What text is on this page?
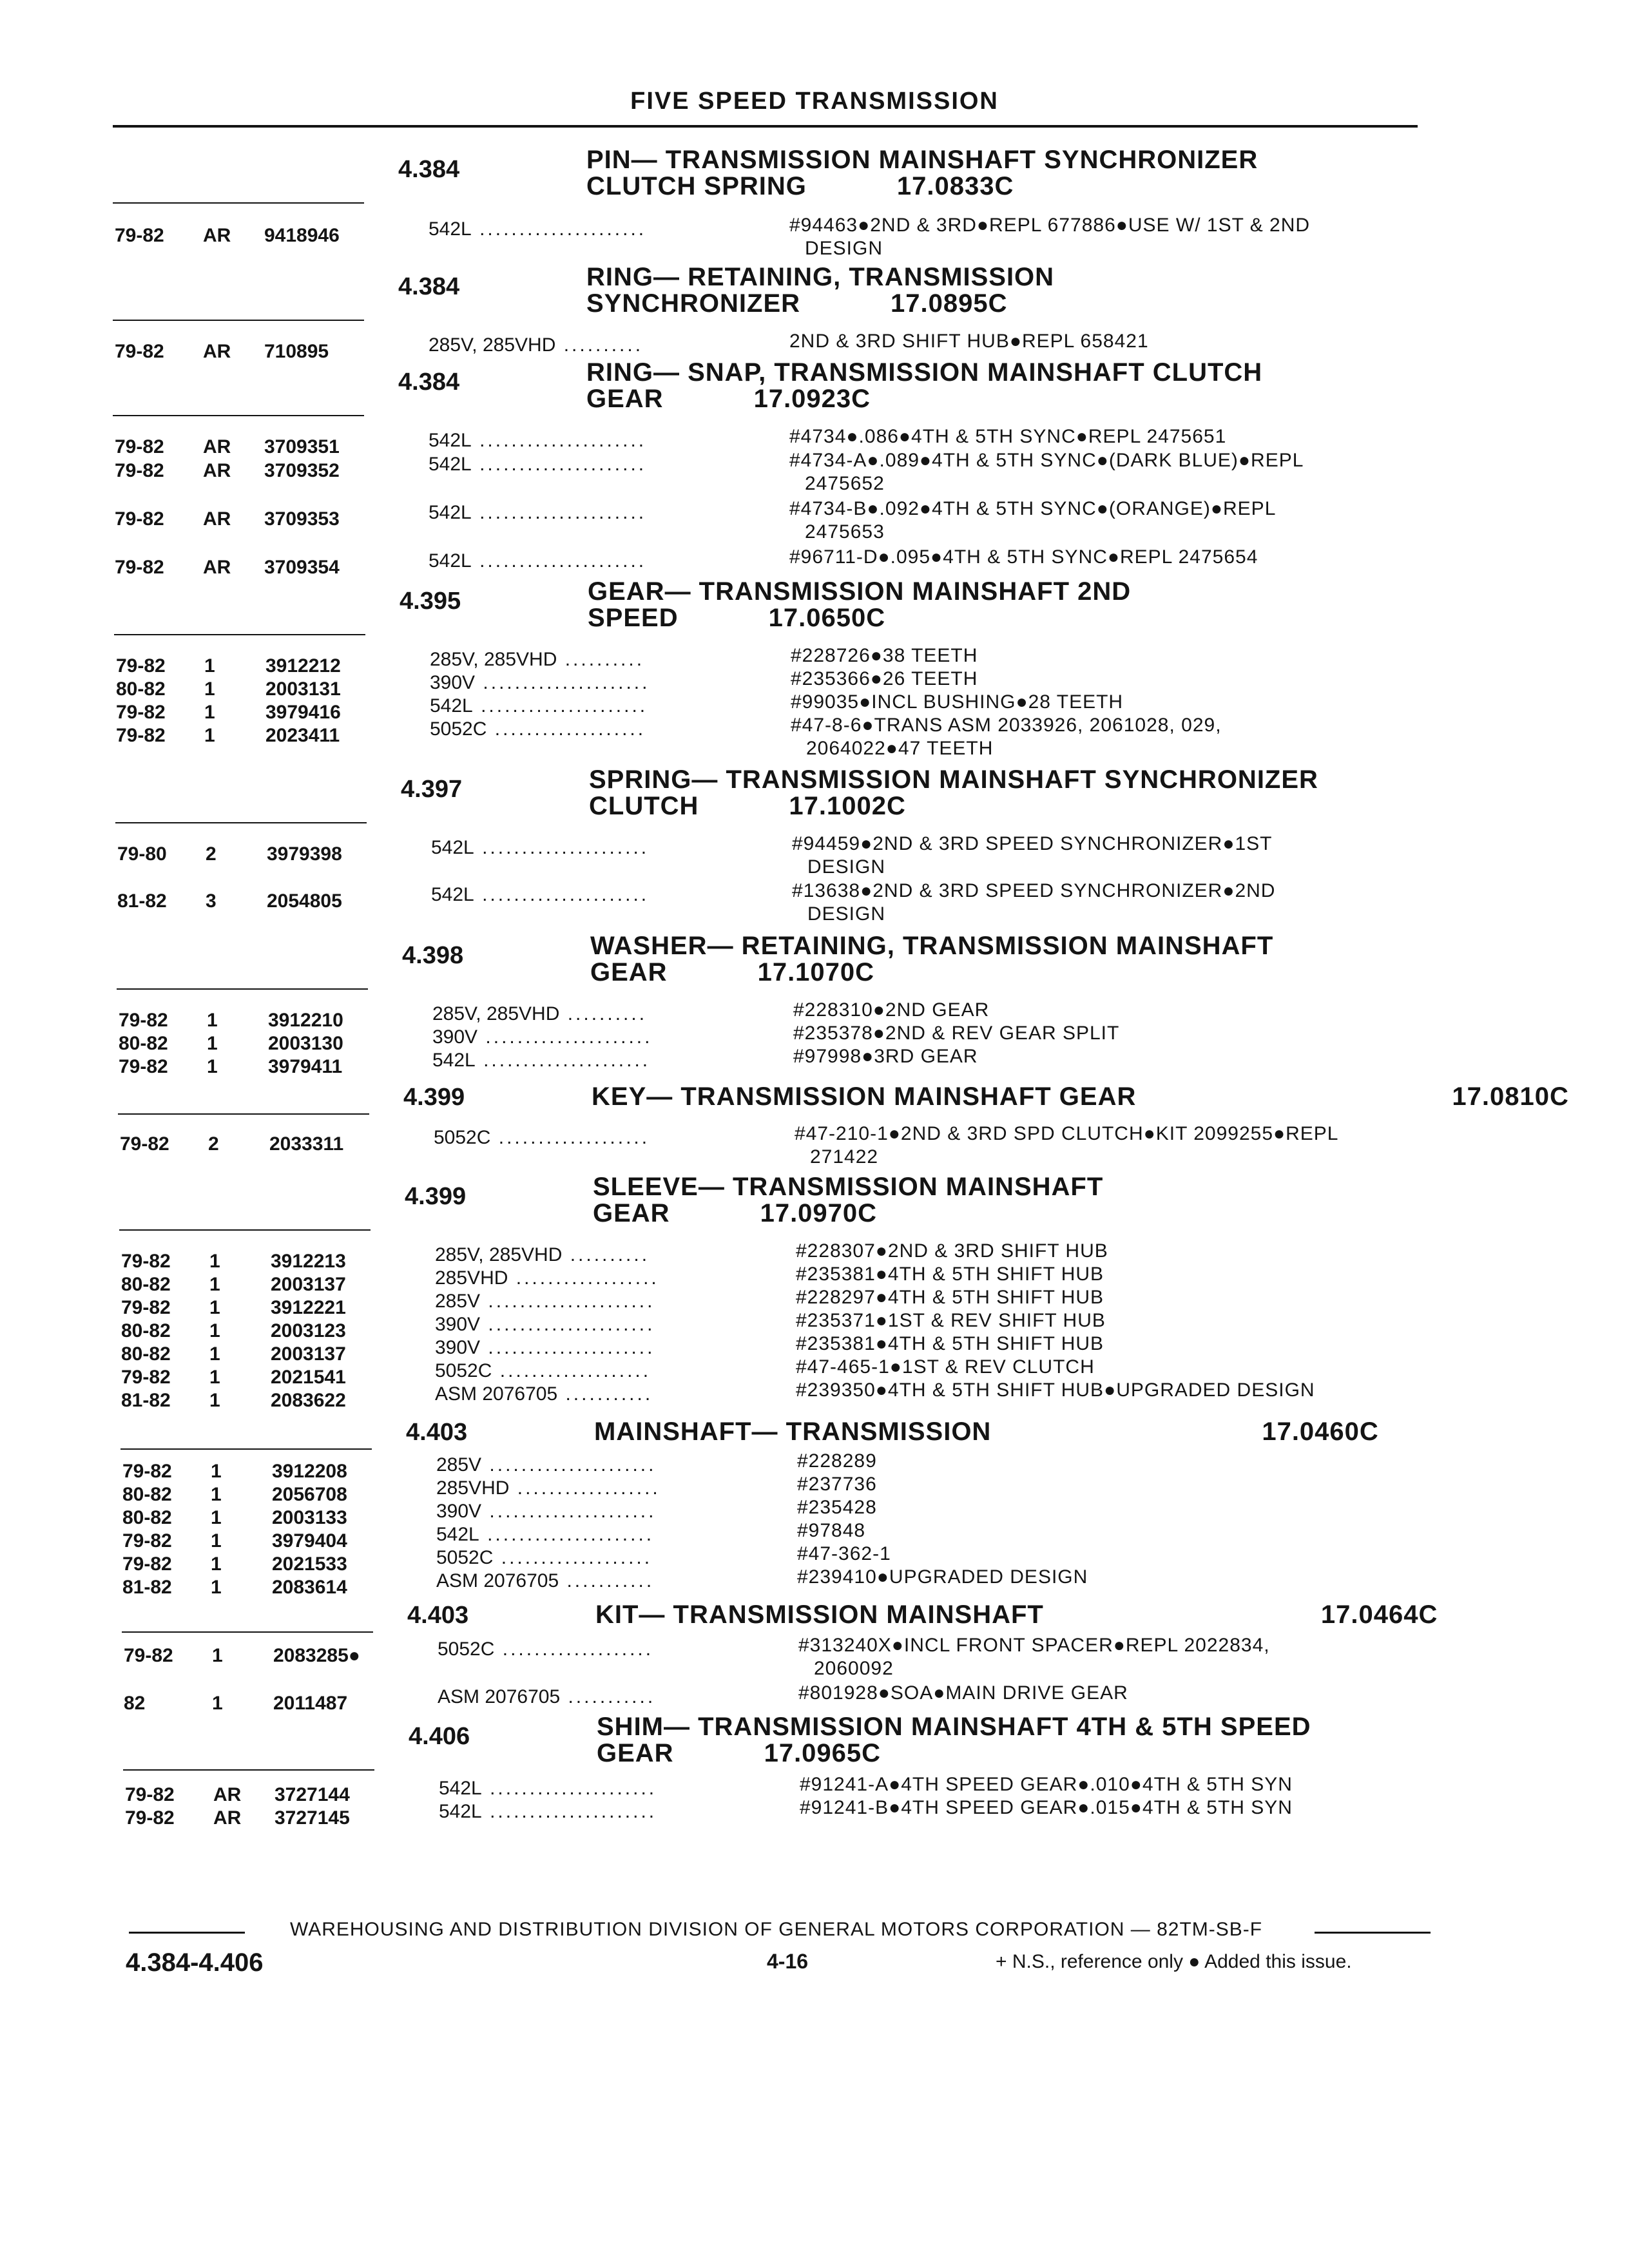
FIVE SPEED TRANSMISSION
4.384	PIN— TRANSMISSION MAINSHAFT SYNCHRONIZER
CLUTCH SPRING	17.0833C
79-82 AR 9418946	542L .....................	#94463●2ND & 3RD●REPL 677886●USE W/ 1ST & 2ND
DESIGN
4.384	RING— RETAINING, TRANSMISSION
SYNCHRONIZER	17.0895C
79-82 AR 710895	285V, 285VHD ..........	2ND & 3RD SHIFT HUB●REPL 658421
4.384	RING— SNAP, TRANSMISSION MAINSHAFT CLUTCH
GEAR	17.0923C
79-82 AR 3709351	542L .....................	#4734●.086●4TH & 5TH SYNC●REPL 2475651
79-82 AR 3709352	542L .....................	#4734-A●.089●4TH & 5TH SYNC●(DARK BLUE)●REPL
2475652
79-82 AR 3709353	542L .....................	#4734-B●.092●4TH & 5TH SYNC●(ORANGE)●REPL
2475653
79-82 AR 3709354	542L .....................	#96711-D●.095●4TH & 5TH SYNC●REPL 2475654
4.395	GEAR— TRANSMISSION MAINSHAFT 2ND
SPEED	17.0650C
79-82 1	3912212	285V, 285VHD ..........	#228726●38 TEETH
80-82 1	2003131	390V .....................	#235366●26 TEETH
79-82 1	3979416	542L .....................	#99035●INCL BUSHING●28 TEETH
79-82 1	2023411	5052C ...................	#47-8-6●TRANS ASM 2033926, 2061028, 029,
2064022●47 TEETH
4.397	SPRING— TRANSMISSION MAINSHAFT SYNCHRONIZER
CLUTCH	17.1002C
79-80 2	3979398	542L .....................	#94459●2ND & 3RD SPEED SYNCHRONIZER●1ST
DESIGN
81-82 3	2054805	542L .....................	#13638●2ND & 3RD SPEED SYNCHRONIZER●2ND
DESIGN
4.398	WASHER— RETAINING, TRANSMISSION MAINSHAFT
GEAR	17.1070C
79-82 1	3912210	285V, 285VHD ..........	#228310●2ND GEAR
80-82 1	2003130	390V .....................	#235378●2ND & REV GEAR SPLIT
79-82 1	3979411	542L .....................	#97998●3RD GEAR
4.399	KEY— TRANSMISSION MAINSHAFT GEAR	17.0810C
79-82 2	2033311	5052C ...................	#47-210-1●2ND & 3RD SPD CLUTCH●KIT 2099255●REPL
271422
4.399	SLEEVE— TRANSMISSION MAINSHAFT
GEAR	17.0970C
79-82 1	3912213	285V, 285VHD ..........	#228307●2ND & 3RD SHIFT HUB
80-82 1	2003137	285VHD ..................	#235381●4TH & 5TH SHIFT HUB
79-82 1	3912221	285V .....................	#228297●4TH & 5TH SHIFT HUB
80-82 1	2003123	390V .....................	#235371●1ST & REV SHIFT HUB
80-82 1	2003137	390V .....................	#235381●4TH & 5TH SHIFT HUB
79-82 1	2021541	5052C ...................	#47-465-1●1ST & REV CLUTCH
81-82 1	2083622	ASM 2076705 ...........	#239350●4TH & 5TH SHIFT HUB●UPGRADED DESIGN
4.403	MAINSHAFT— TRANSMISSION	17.0460C
79-82 1	3912208	285V .....................	#228289
80-82 1	2056708	285VHD ..................	#237736
80-82 1	2003133	390V .....................	#235428
79-82 1	3979404	542L .....................	#97848
79-82 1	2021533	5052C ...................	#47-362-1
81-82 1	2083614	ASM 2076705 ...........	#239410●UPGRADED DESIGN
4.403	KIT— TRANSMISSION MAINSHAFT	17.0464C
79-82 1	2083285●	5052C ...................	#313240X●INCL FRONT SPACER●REPL 2022834,
2060092
82	1	2011487	ASM 2076705 ...........	#801928●SOA●MAIN DRIVE GEAR
4.406	SHIM— TRANSMISSION MAINSHAFT 4TH & 5TH SPEED
GEAR	17.0965C
79-82 AR 3727144	542L .....................	#91241-A●4TH SPEED GEAR●.010●4TH & 5TH SYN
79-82 AR 3727145	542L .....................	#91241-B●4TH SPEED GEAR●.015●4TH & 5TH SYN
WAREHOUSING AND DISTRIBUTION DIVISION OF GENERAL MOTORS CORPORATION — 82TM-SB-F
4.384-4.406	4-16	+ N.S., reference only ● Added this issue.
